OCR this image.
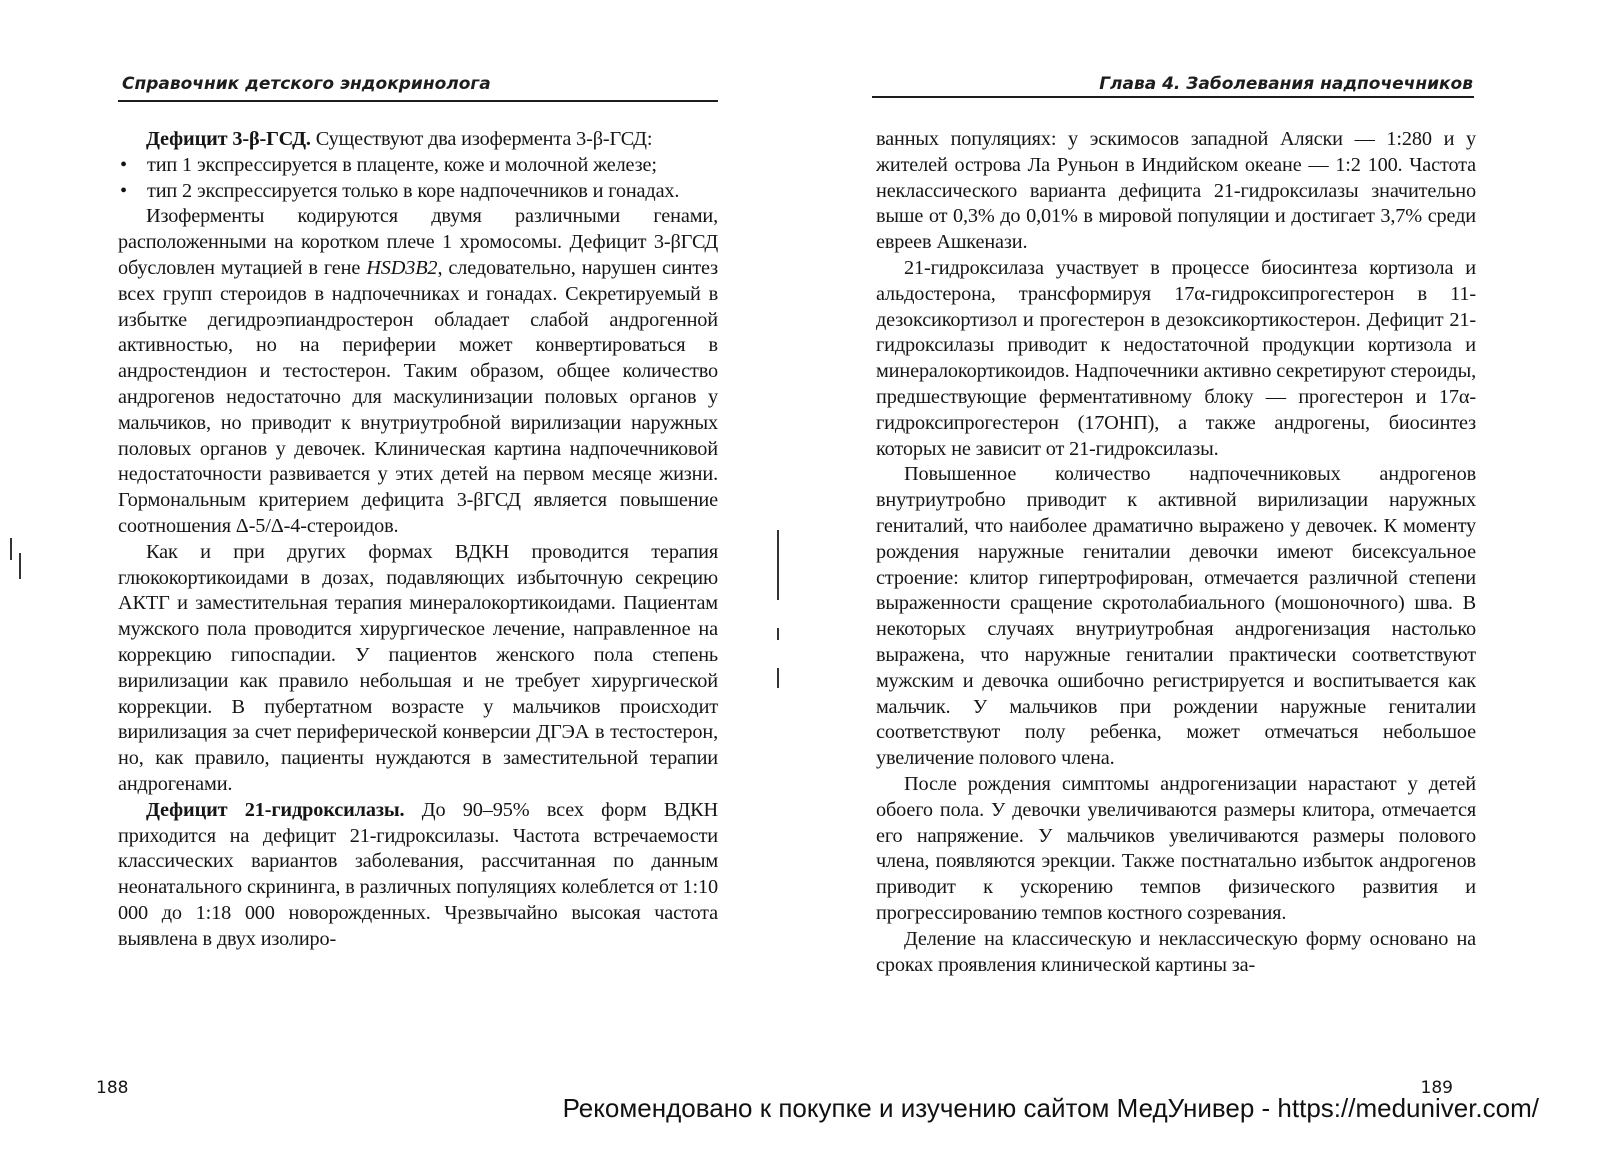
Справочник детского эндокринолога

Дефицит 3-β-ГСД. Существуют два изофермента 3-β-ГСД:

• тип 1 экспрессируется в плаценте, коже и молочной железе;
• тип 2 экспрессируется только в коре надпочечников и гонадах.

Изоферменты кодируются двумя различными генами, расположенными на коротком плече 1 хромосомы. Дефицит 3-βГСД обусловлен мутацией в гене HSD3B2, следовательно, нарушен синтез всех групп стероидов в надпочечниках и гонадах. Секретируемый в избытке дегидроэпиандростерон обладает слабой андрогенной активностью, но на периферии может конвертироваться в андростендион и тестостерон. Таким образом, общее количество андрогенов недостаточно для маскулинизации половых органов у мальчиков, но приводит к внутриутробной вирилизации наружных половых органов у девочек. Клиническая картина надпочечниковой недостаточности развивается у этих детей на первом месяце жизни. Гормональным критерием дефицита 3-βГСД является повышение соотношения Δ-5/Δ-4-стероидов.

Как и при других формах ВДКН проводится терапия глюкокортикоидами в дозах, подавляющих избыточную секрецию АКТГ и заместительная терапия минералокортикоидами. Пациентам мужского пола проводится хирургическое лечение, направленное на коррекцию гипоспадии. У пациентов женского пола степень вирилизации как правило небольшая и не требует хирургической коррекции. В пубертатном возрасте у мальчиков происходит вирилизация за счет периферической конверсии ДГЭА в тестостерон, но, как правило, пациенты нуждаются в заместительной терапии андрогенами.

Дефицит 21-гидроксилазы. До 90–95% всех форм ВДКН приходится на дефицит 21-гидроксилазы. Частота встречаемости классических вариантов заболевания, рассчитанная по данным неонатального скрининга, в различных популяциях колеблется от 1:10 000 до 1:18 000 новорожденных. Чрезвычайно высокая частота выявлена в двух изолиро-

188
Глава 4. Заболевания надпочечников

ванных популяциях: у эскимосов западной Аляски — 1:280 и у жителей острова Ла Руньон в Индийском океане — 1:2 100. Частота неклассического варианта дефицита 21-гидроксилазы значительно выше от 0,3% до 0,01% в мировой популяции и достигает 3,7% среди евреев Ашкенази.

21-гидроксилаза участвует в процессе биосинтеза кортизола и альдостерона, трансформируя 17α-гидроксипрогестерон в 11-дезоксикортизол и прогестерон в дезоксикортикостерон. Дефицит 21-гидроксилазы приводит к недостаточной продукции кортизола и минералокортикоидов. Надпочечники активно секретируют стероиды, предшествующие ферментативному блоку — прогестерон и 17α-гидроксипрогестерон (17ОНП), а также андрогены, биосинтез которых не зависит от 21-гидроксилазы.

Повышенное количество надпочечниковых андрогенов внутриутробно приводит к активной вирилизации наружных гениталий, что наиболее драматично выражено у девочек. К моменту рождения наружные гениталии девочки имеют бисексуальное строение: клитор гипертрофирован, отмечается различной степени выраженности сращение скротолабиального (мошоночного) шва. В некоторых случаях внутриутробная андрогенизация настолько выражена, что наружные гениталии практически соответствуют мужским и девочка ошибочно регистрируется и воспитывается как мальчик. У мальчиков при рождении наружные гениталии соответствуют полу ребенка, может отмечаться небольшое увеличение полового члена.

После рождения симптомы андрогенизации нарастают у детей обоего пола. У девочки увеличиваются размеры клитора, отмечается его напряжение. У мальчиков увеличиваются размеры полового члена, появляются эрекции. Также постнатально избыток андрогенов приводит к ускорению темпов физического развития и прогрессированию темпов костного созревания.

Деление на классическую и неклассическую форму основано на сроках проявления клинической картины за-

189
Рекомендовано к покупке и изучению сайтом МедУнивер - https://meduniver.com/
